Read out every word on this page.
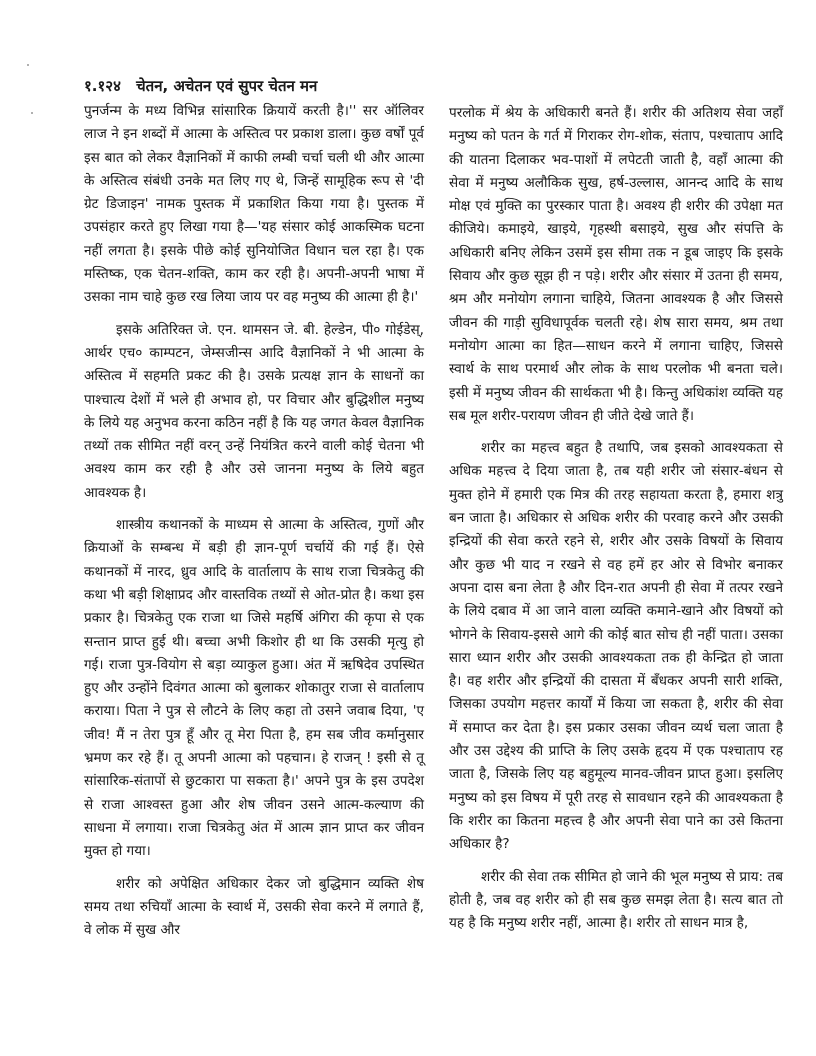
१.१२४ चेतन, अचेतन एवं सुपर चेतन मन

पुनर्जन्म के मध्य विभिन्न सांसारिक क्रियायें करती है।'' सर ऑलिवर लाज ने इन शब्दों में आत्मा के अस्तित्व पर प्रकाश डाला। कुछ वर्षों पूर्व इस बात को लेकर वैज्ञानिकों में काफी लम्बी चर्चा चली थी और आत्मा के अस्तित्व संबंधी उनके मत लिए गए थे, जिन्हें सामूहिक रूप से 'दी ग्रेट डिजाइन' नामक पुस्तक में प्रकाशित किया गया है। पुस्तक में उपसंहार करते हुए लिखा गया है—'यह संसार कोई आकस्मिक घटना नहीं लगता है। इसके पीछे कोई सुनियोजित विधान चल रहा है। एक मस्तिष्क, एक चेतन-शक्ति, काम कर रही है। अपनी-अपनी भाषा में उसका नाम चाहे कुछ रख लिया जाय पर वह मनुष्य की आत्मा ही है।'

इसके अतिरिक्त जे. एन. थामसन जे. बी. हेल्डेन, पी० गोईडेस्, आर्थर एच० काम्पटन, जेम्सजीन्स आदि वैज्ञानिकों ने भी आत्मा के अस्तित्व में सहमति प्रकट की है। उसके प्रत्यक्ष ज्ञान के साधनों का पाश्चात्य देशों में भले ही अभाव हो, पर विचार और बुद्धिशील मनुष्य के लिये यह अनुभव करना कठिन नहीं है कि यह जगत केवल वैज्ञानिक तथ्यों तक सीमित नहीं वरन् उन्हें नियंत्रित करने वाली कोई चेतना भी अवश्य काम कर रही है और उसे जानना मनुष्य के लिये बहुत आवश्यक है।

शास्त्रीय कथानकों के माध्यम से आत्मा के अस्तित्व, गुणों और क्रियाओं के सम्बन्ध में बड़ी ही ज्ञान-पूर्ण चर्चायें की गई हैं। ऐसे कथानकों में नारद, ध्रुव आदि के वार्तालाप के साथ राजा चित्रकेतु की कथा भी बड़ी शिक्षाप्रद और वास्तविक तथ्यों से ओत-प्रोत है। कथा इस प्रकार है। चित्रकेतु एक राजा था जिसे महर्षि अंगिरा की कृपा से एक सन्तान प्राप्त हुई थी। बच्चा अभी किशोर ही था कि उसकी मृत्यु हो गई। राजा पुत्र-वियोग से बड़ा व्याकुल हुआ। अंत में ऋषिदेव उपस्थित हुए और उन्होंने दिवंगत आत्मा को बुलाकर शोकातुर राजा से वार्तालाप कराया। पिता ने पुत्र से लौटने के लिए कहा तो उसने जवाब दिया, 'ए जीव! मैं न तेरा पुत्र हूँ और तू मेरा पिता है, हम सब जीव कर्मानुसार भ्रमण कर रहे हैं। तू अपनी आत्मा को पहचान। हे राजन् ! इसी से तू सांसारिक-संतापों से छुटकारा पा सकता है।' अपने पुत्र के इस उपदेश से राजा आश्वस्त हुआ और शेष जीवन उसने आत्म-कल्याण की साधना में लगाया। राजा चित्रकेतु अंत में आत्म ज्ञान प्राप्त कर जीवन मुक्त हो गया।

शरीर को अपेक्षित अधिकार देकर जो बुद्धिमान व्यक्ति शेष समय तथा रुचियाँ आत्मा के स्वार्थ में, उसकी सेवा करने में लगाते हैं, वे लोक में सुख और

परलोक में श्रेय के अधिकारी बनते हैं। शरीर की अतिशय सेवा जहाँ मनुष्य को पतन के गर्त में गिराकर रोग-शोक, संताप, पश्चाताप आदि की यातना दिलाकर भव-पाशों में लपेटती जाती है, वहाँ आत्मा की सेवा में मनुष्य अलौकिक सुख, हर्ष-उल्लास, आनन्द आदि के साथ मोक्ष एवं मुक्ति का पुरस्कार पाता है। अवश्य ही शरीर की उपेक्षा मत कीजिये। कमाइये, खाइये, गृहस्थी बसाइये, सुख और संपत्ति के अधिकारी बनिए लेकिन उसमें इस सीमा तक न डूब जाइए कि इसके सिवाय और कुछ सूझ ही न पड़े। शरीर और संसार में उतना ही समय, श्रम और मनोयोग लगाना चाहिये, जितना आवश्यक है और जिससे जीवन की गाड़ी सुविधापूर्वक चलती रहे। शेष सारा समय, श्रम तथा मनोयोग आत्मा का हित—साधन करने में लगाना चाहिए, जिससे स्वार्थ के साथ परमार्थ और लोक के साथ परलोक भी बनता चले। इसी में मनुष्य जीवन की सार्थकता भी है। किन्तु अधिकांश व्यक्ति यह सब मूल शरीर-परायण जीवन ही जीते देखे जाते हैं।

शरीर का महत्त्व बहुत है तथापि, जब इसको आवश्यकता से अधिक महत्त्व दे दिया जाता है, तब यही शरीर जो संसार-बंधन से मुक्त होने में हमारी एक मित्र की तरह सहायता करता है, हमारा शत्रु बन जाता है। अधिकार से अधिक शरीर की परवाह करने और उसकी इन्द्रियों की सेवा करते रहने से, शरीर और उसके विषयों के सिवाय और कुछ भी याद न रखने से वह हमें हर ओर से विभोर बनाकर अपना दास बना लेता है और दिन-रात अपनी ही सेवा में तत्पर रखने के लिये दबाव में आ जाने वाला व्यक्ति कमाने-खाने और विषयों को भोगने के सिवाय-इससे आगे की कोई बात सोच ही नहीं पाता। उसका सारा ध्यान शरीर और उसकी आवश्यकता तक ही केन्द्रित हो जाता है। वह शरीर और इन्द्रियों की दासता में बँधकर अपनी सारी शक्ति, जिसका उपयोग महत्तर कार्यों में किया जा सकता है, शरीर की सेवा में समाप्त कर देता है। इस प्रकार उसका जीवन व्यर्थ चला जाता है और उस उद्देश्य की प्राप्ति के लिए उसके हृदय में एक पश्चाताप रह जाता है, जिसके लिए यह बहुमूल्य मानव-जीवन प्राप्त हुआ। इसलिए मनुष्य को इस विषय में पूरी तरह से सावधान रहने की आवश्यकता है कि शरीर का कितना महत्त्व है और अपनी सेवा पाने का उसे कितना अधिकार है?

शरीर की सेवा तक सीमित हो जाने की भूल मनुष्य से प्राय: तब होती है, जब वह शरीर को ही सब कुछ समझ लेता है। सत्य बात तो यह है कि मनुष्य शरीर नहीं, आत्मा है। शरीर तो साधन मात्र है,
